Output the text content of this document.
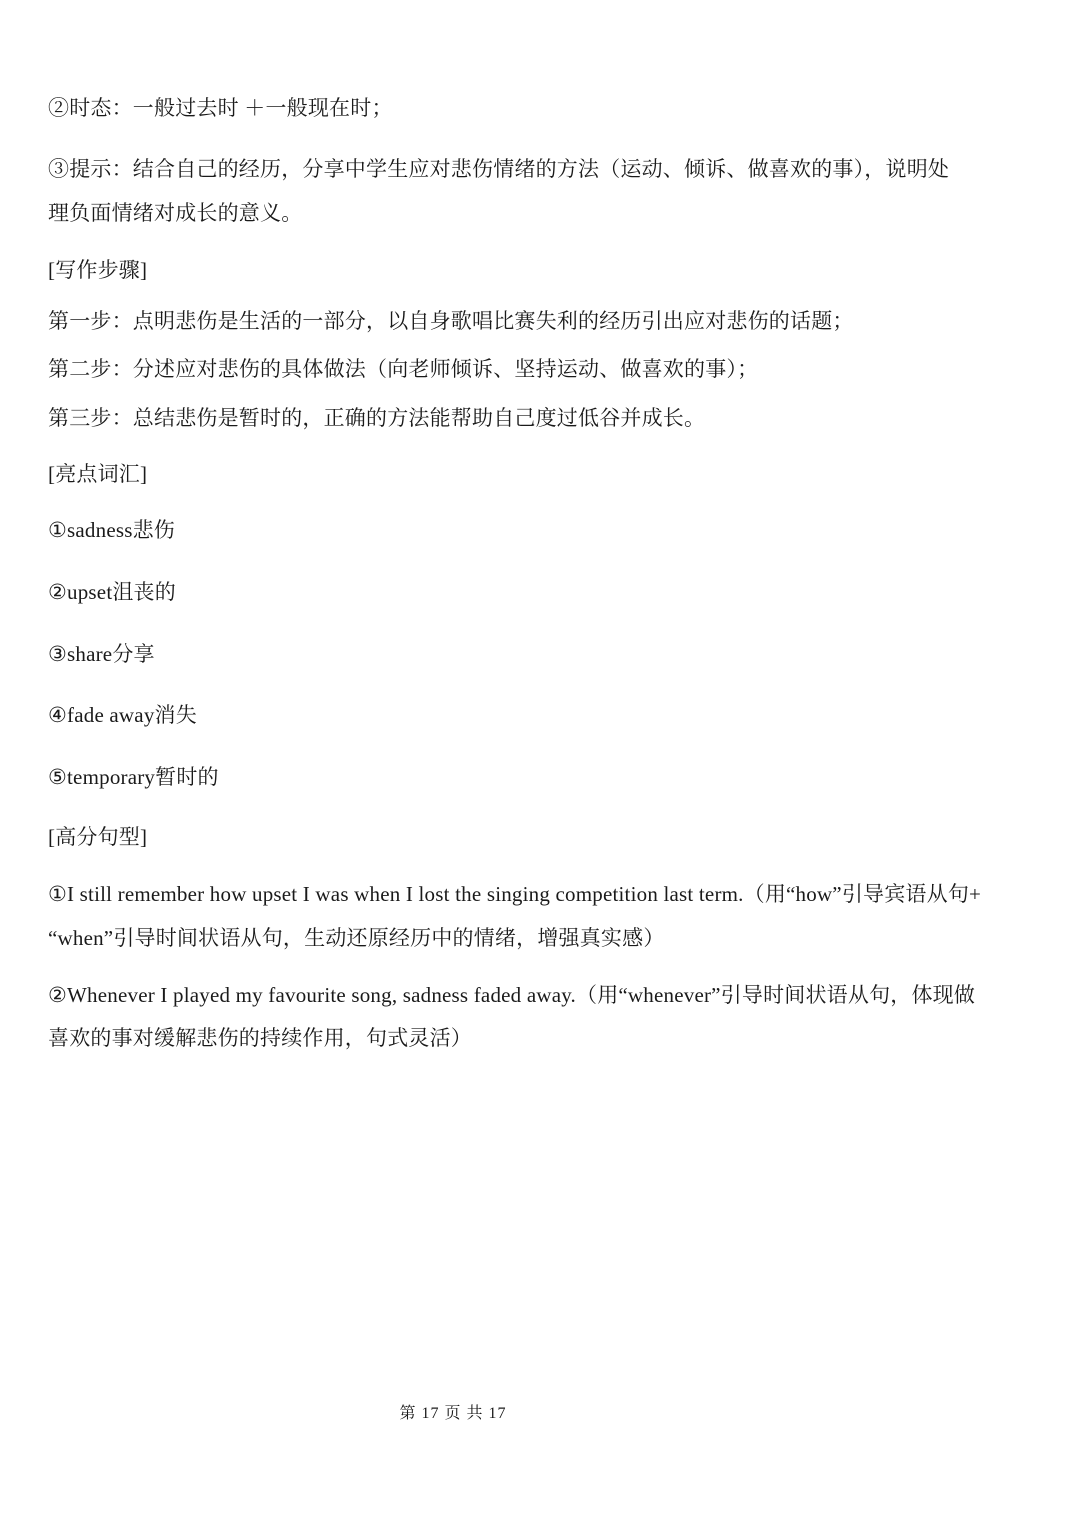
②时态：一般过去时 ＋一般现在时；
③提示：结合自己的经历，分享中学生应对悲伤情绪的方法（运动、倾诉、做喜欢的事），说明处
理负面情绪对成长的意义。
[写作步骤]
第一步：点明悲伤是生活的一部分，以自身歌唱比赛失利的经历引出应对悲伤的话题；
第二步：分述应对悲伤的具体做法（向老师倾诉、坚持运动、做喜欢的事）；
第三步：总结悲伤是暂时的，正确的方法能帮助自己度过低谷并成长。
[亮点词汇]
①sadness悲伤
②upset沮丧的
③share分享
④fade away消失
⑤temporary暂时的
[高分句型]
①I still remember how upset I was when I lost the singing competition last term.（用“how”引导宾语从句+
“when”引导时间状语从句，生动还原经历中的情绪，增强真实感）
②Whenever I played my favourite song, sadness faded away.（用“whenever”引导时间状语从句，体现做
喜欢的事对缓解悲伤的持续作用，句式灵活）
第 17 页 共 17
